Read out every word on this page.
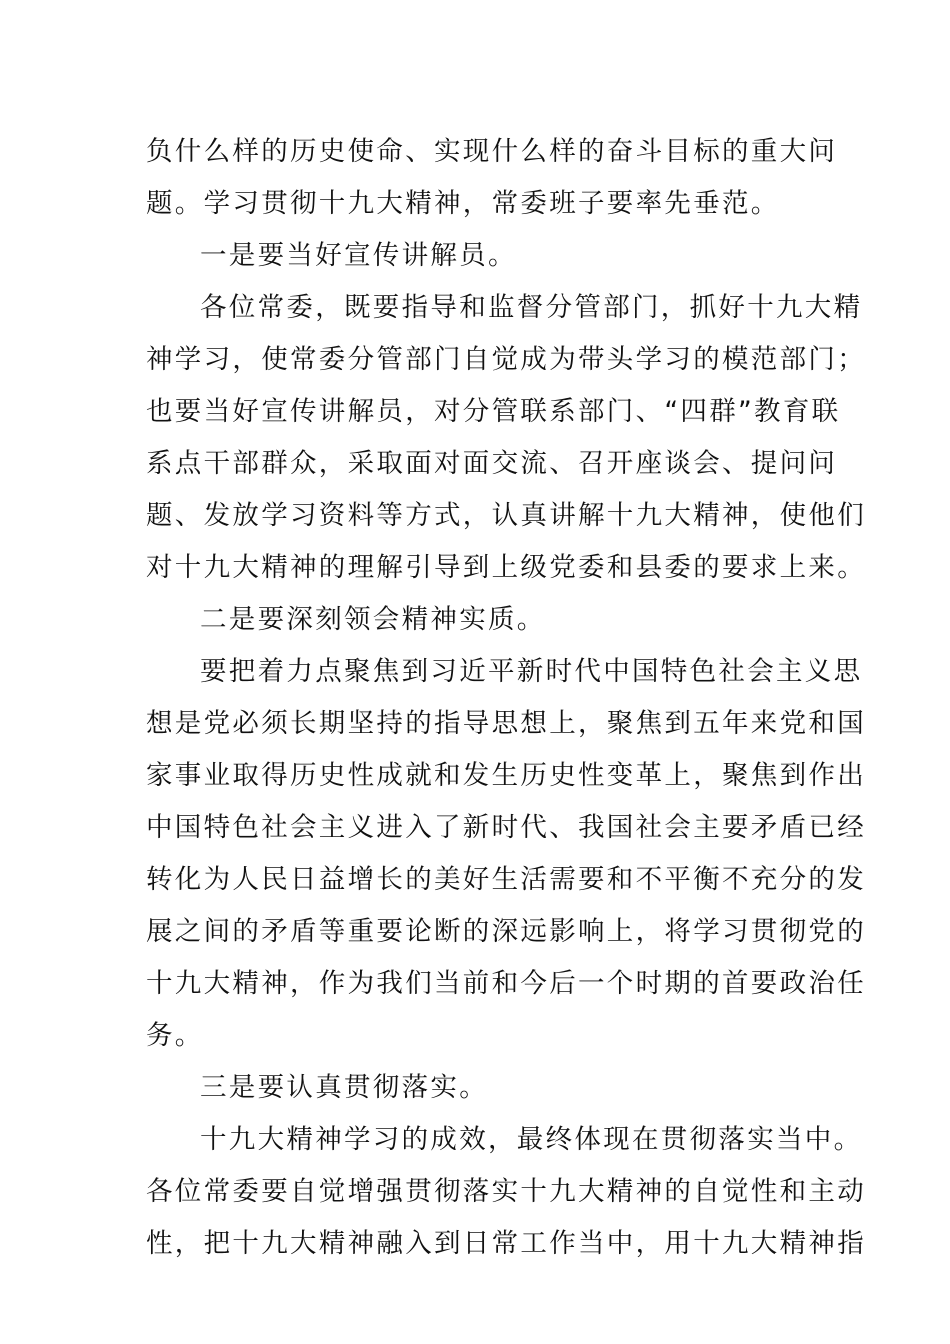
负什么样的历史使命、实现什么样的奋斗目标的重大问
题。学习贯彻十九大精神，常委班子要率先垂范。
一是要当好宣传讲解员。
各位常委，既要指导和监督分管部门，抓好十九大精
神学习，使常委分管部门自觉成为带头学习的模范部门；
也要当好宣传讲解员，对分管联系部门、“四群”教育联
系点干部群众，采取面对面交流、召开座谈会、提问问
题、发放学习资料等方式，认真讲解十九大精神，使他们
对十九大精神的理解引导到上级党委和县委的要求上来。
二是要深刻领会精神实质。
要把着力点聚焦到习近平新时代中国特色社会主义思
想是党必须长期坚持的指导思想上，聚焦到五年来党和国
家事业取得历史性成就和发生历史性变革上，聚焦到作出
中国特色社会主义进入了新时代、我国社会主要矛盾已经
转化为人民日益增长的美好生活需要和不平衡不充分的发
展之间的矛盾等重要论断的深远影响上，将学习贯彻党的
十九大精神，作为我们当前和今后一个时期的首要政治任
务。
三是要认真贯彻落实。
十九大精神学习的成效，最终体现在贯彻落实当中。
各位常委要自觉增强贯彻落实十九大精神的自觉性和主动
性，把十九大精神融入到日常工作当中，用十九大精神指
